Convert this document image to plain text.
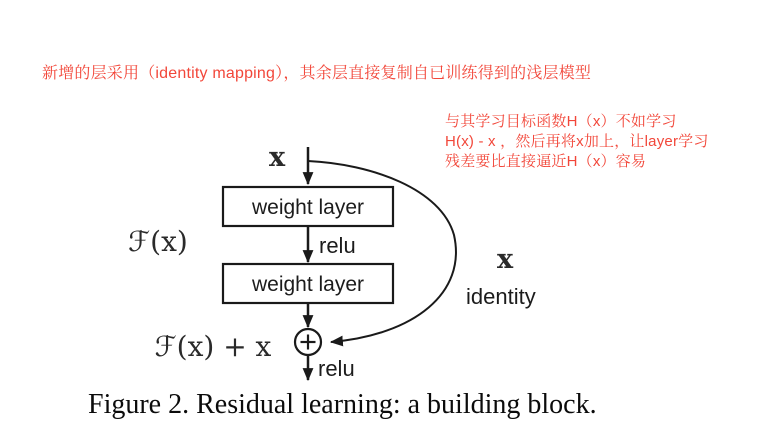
新增的层采用（identity mapping），其余层直接复制自已训练得到的浅层模型
与其学习目标函数H（x）不如学习
H(x) - x ，然后再将x加上，让layer学习
残差要比直接逼近H（x）容易
x
weight layer
relu
weight layer
ℱ(x)
ℱ(x) + x
relu
x
identity
Figure 2. Residual learning: a building block.
